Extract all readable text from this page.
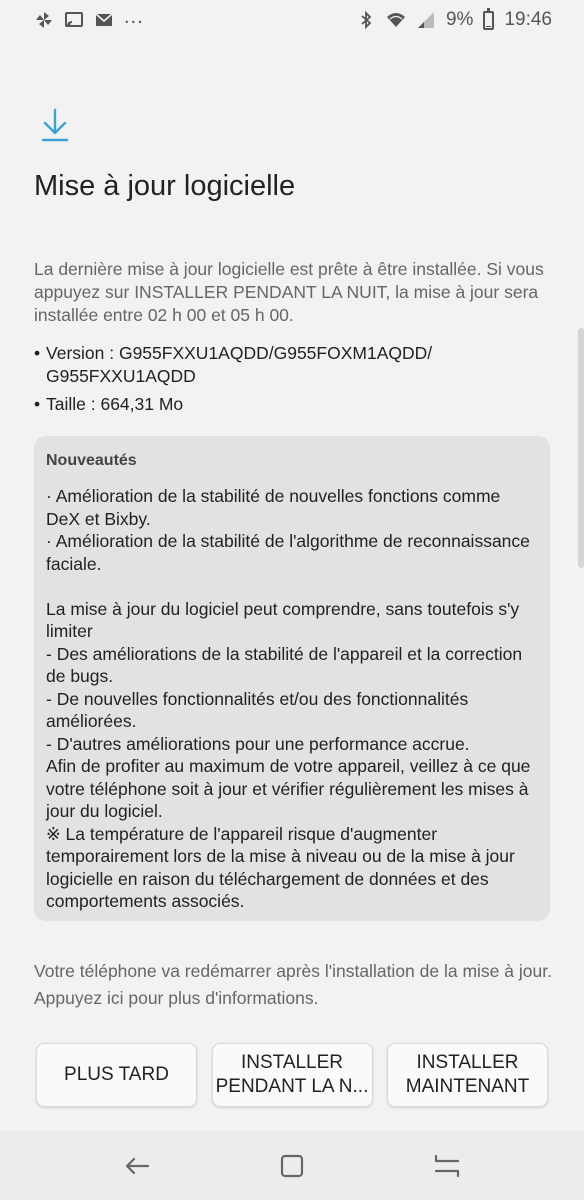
...	9% 19:46
Mise à jour logicielle

La dernière mise à jour logicielle est prête à être installée. Si vous appuyez sur INSTALLER PENDANT LA NUIT, la mise à jour sera installée entre 02 h 00 et 05 h 00.

• Version : G955FXXU1AQDD/G955FOXM1AQDD/ G955FXXU1AQDD
• Taille : 664,31 Mo
Nouveautés
· Amélioration de la stabilité de nouvelles fonctions comme DeX et Bixby.
· Amélioration de la stabilité de l'algorithme de reconnaissance faciale.

La mise à jour du logiciel peut comprendre, sans toutefois s'y limiter
- Des améliorations de la stabilité de l'appareil et la correction de bugs.
- De nouvelles fonctionnalités et/ou des fonctionnalités améliorées.
- D'autres améliorations pour une performance accrue.
Afin de profiter au maximum de votre appareil, veillez à ce que votre téléphone soit à jour et vérifier régulièrement les mises à jour du logiciel.
※ La température de l'appareil risque d'augmenter temporairement lors de la mise à niveau ou de la mise à jour logicielle en raison du téléchargement de données et des comportements associés.
Votre téléphone va redémarrer après l'installation de la mise à jour.
Appuyez ici pour plus d'informations.
PLUS TARD
INSTALLER
PENDANT LA N...
INSTALLER
MAINTENANT
